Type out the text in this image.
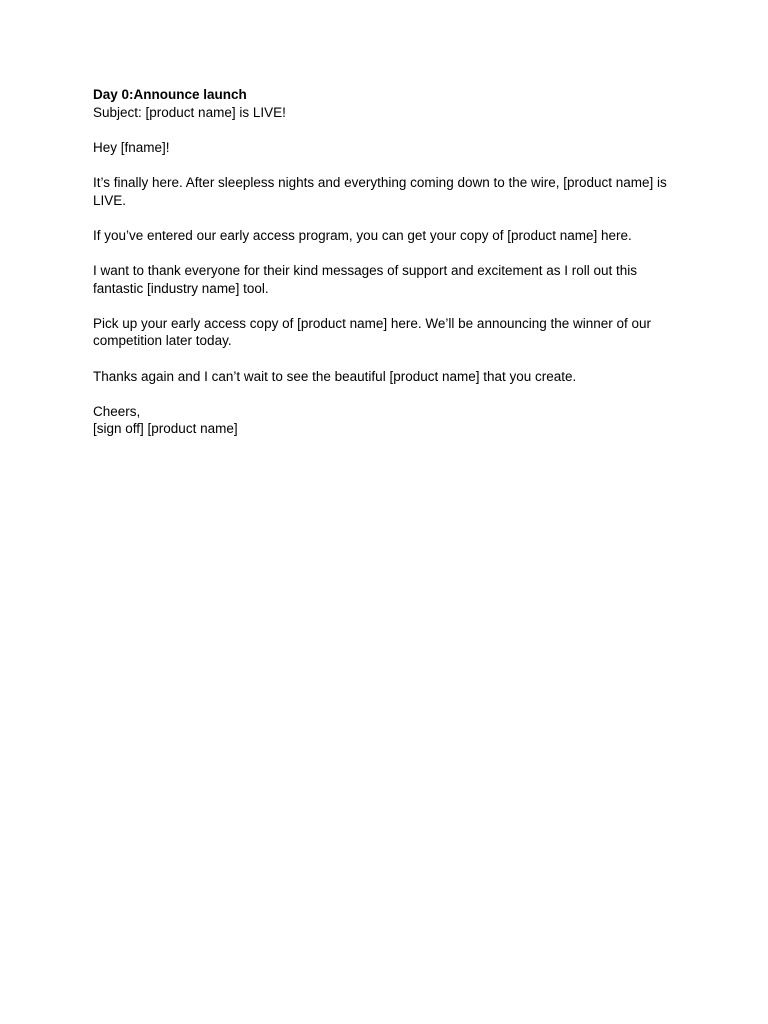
Day 0:Announce launch

Subject: [product name] is LIVE!

Hey [fname]!

It’s finally here. After sleepless nights and everything coming down to the wire, [product name] is LIVE.

If you’ve entered our early access program, you can get your copy of [product name] here.

I want to thank everyone for their kind messages of support and excitement as I roll out this fantastic [industry name] tool.

Pick up your early access copy of [product name] here. We’ll be announcing the winner of our competition later today.

Thanks again and I can’t wait to see the beautiful [product name] that you create.

Cheers,

[sign off] [product name]
